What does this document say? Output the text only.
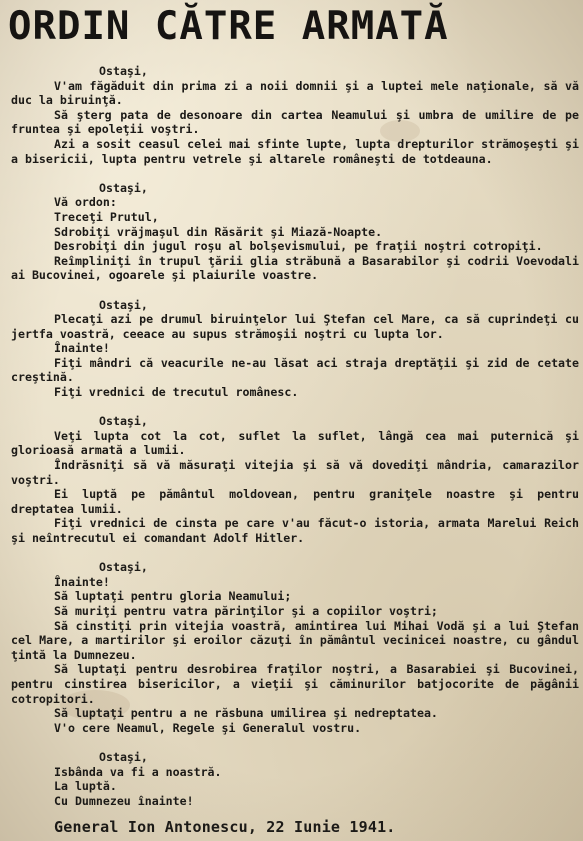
ORDIN CĂTRE ARMATĂ
Ostaşi,
V'am făgăduit din prima zi a noii domnii şi a luptei mele naţionale, să vă duc la biruinţă.
Să şterg pata de desonoare din cartea Neamului şi umbra de umilire de pe fruntea şi epoleţii voştri.
Azi a sosit ceasul celei mai sfinte lupte, lupta drepturilor strămoşeşti şi a bisericii, lupta pentru vetrele şi altarele româneşti de totdeauna.
Ostaşi,
Vă ordon:
Treceţi Prutul,
Sdrobiţi vrăjmaşul din Răsărit şi Miază-Noapte.
Desrobiţi din jugul roşu al bolşevismului, pe fraţii noştri cotropiţi.
Reîmpliniţi în trupul ţării glia străbună a Basarabilor şi codrii Voevodali ai Bucovinei, ogoarele şi plaiurile voastre.
Ostaşi,
Plecaţi azi pe drumul biruinţelor lui Ştefan cel Mare, ca să cuprindeţi cu jertfa voastră, ceeace au supus strămoşii noştri cu lupta lor.
Înainte!
Fiţi mândri că veacurile ne-au lăsat aci straja dreptăţii şi zid de cetate creştină.
Fiţi vrednici de trecutul românesc.
Ostaşi,
Veţi lupta cot la cot, suflet la suflet, lângă cea mai puternică şi glorioasă armată a lumii.
Îndrăsniţi să vă măsuraţi vitejia şi să vă dovediţi mândria, camarazilor voştri.
Ei luptă pe pământul moldovean, pentru graniţele noastre şi pentru dreptatea lumii.
Fiţi vrednici de cinsta pe care v'au făcut-o istoria, armata Marelui Reich şi neîntrecutul ei comandant Adolf Hitler.
Ostaşi,
Înainte!
Să luptaţi pentru gloria Neamului;
Să muriţi pentru vatra părinţilor şi a copiilor voştri;
Să cinstiţi prin vitejia voastră, amintirea lui Mihai Vodă şi a lui Ştefan cel Mare, a martirilor şi eroilor căzuţi în pământul vecinicei noastre, cu gândul ţintă la Dumnezeu.
Să luptaţi pentru desrobirea fraţilor noştri, a Basarabiei şi Bucovinei, pentru cinstirea bisericilor, a vieţii şi căminurilor batjocorite de păgânii cotropitori.
Să luptaţi pentru a ne răsbuna umilirea şi nedreptatea.
V'o cere Neamul, Regele şi Generalul vostru.
Ostaşi,
Isbânda va fi a noastră.
La luptă.
Cu Dumnezeu înainte!
General Ion Antonescu, 22 Iunie 1941.
